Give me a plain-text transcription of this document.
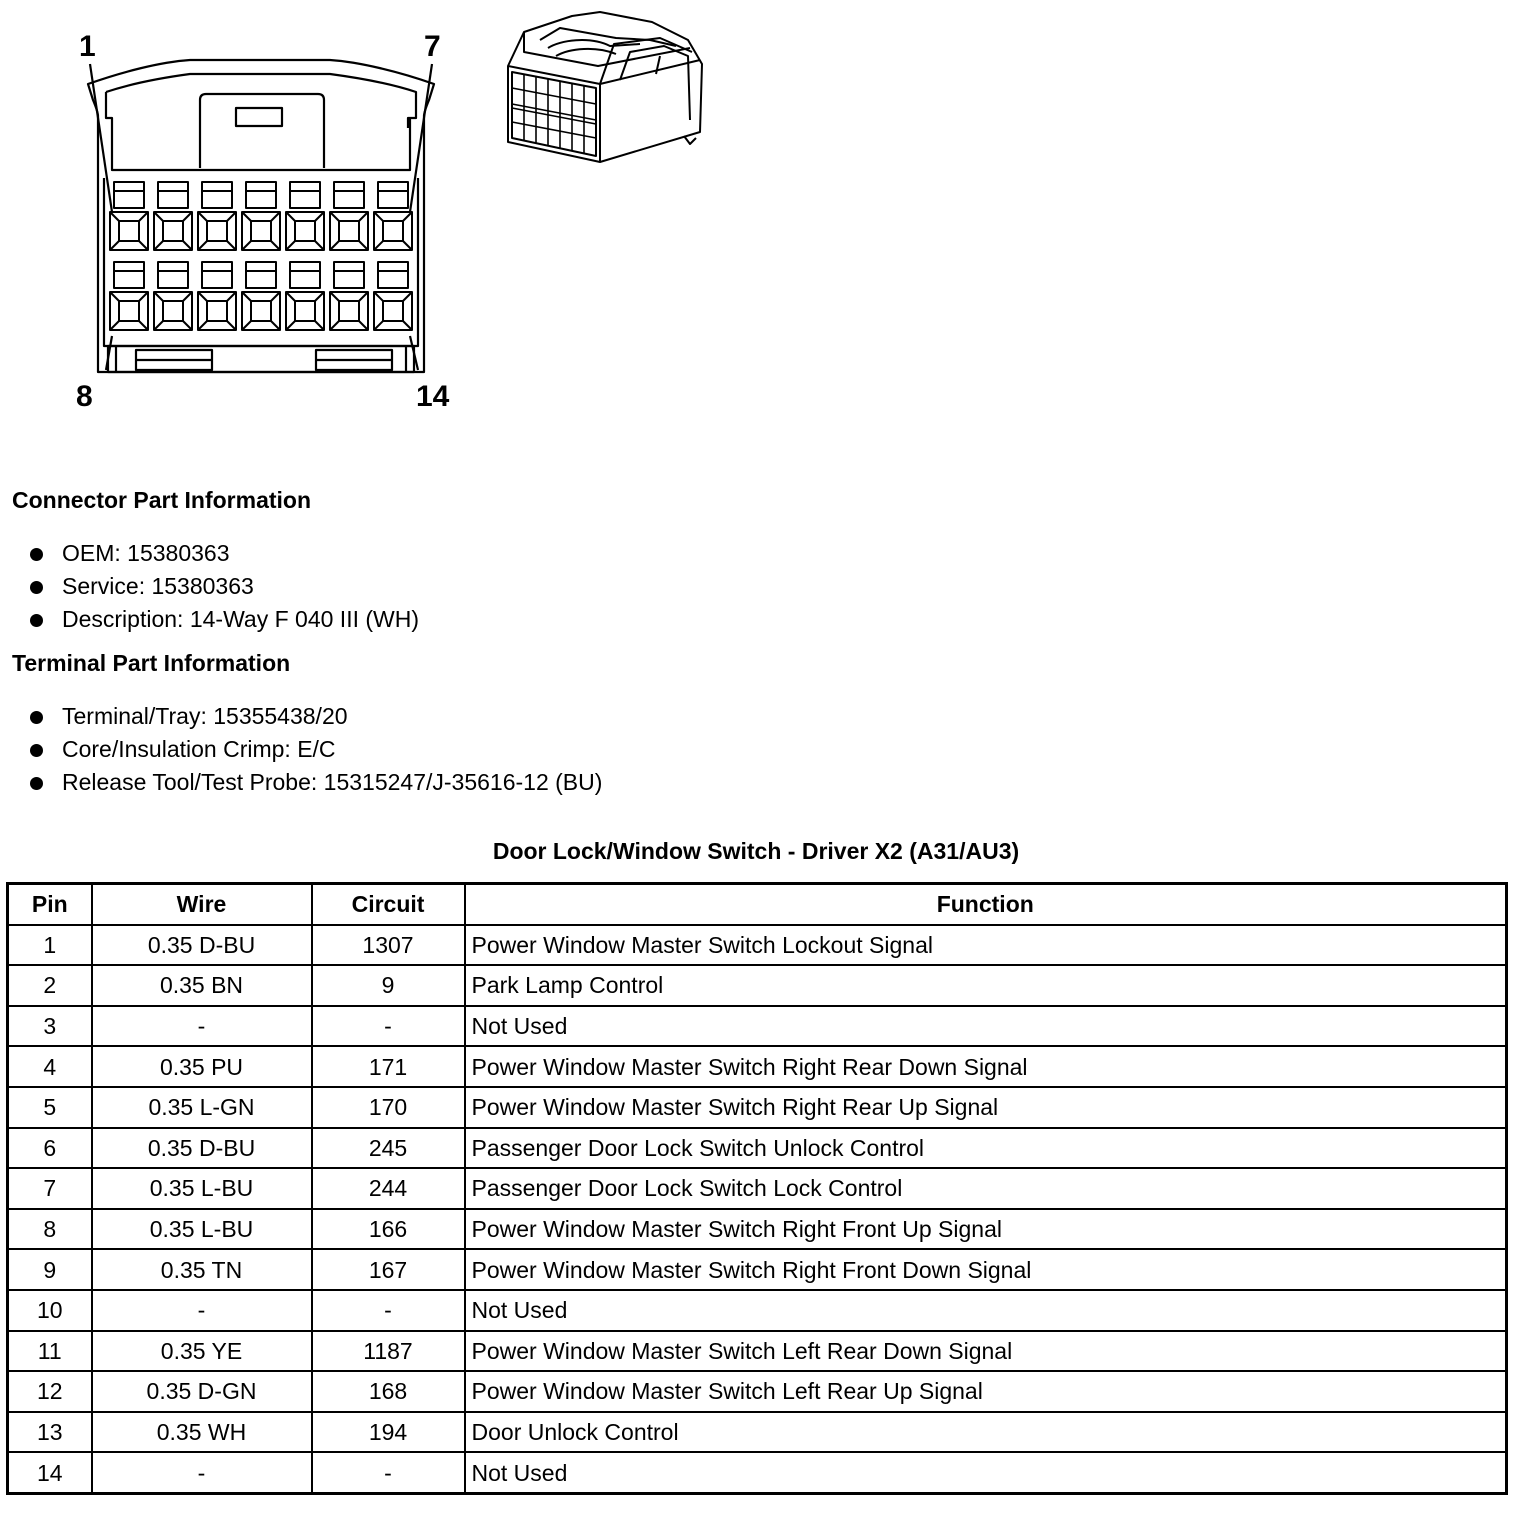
1	7
8	14
Connector Part Information
OEM: 15380363
Service: 15380363
Description: 14-Way F 040 III (WH)
Terminal Part Information
Terminal/Tray: 15355438/20
Core/Insulation Crimp: E/C
Release Tool/Test Probe: 15315247/J-35616-12 (BU)
Door Lock/Window Switch - Driver X2 (A31/AU3)
Pin	Wire	Circuit	Function
1	0.35 D-BU	1307	Power Window Master Switch Lockout Signal
2	0.35 BN	9	Park Lamp Control
3	-	-	Not Used
4	0.35 PU	171	Power Window Master Switch Right Rear Down Signal
5	0.35 L-GN	170	Power Window Master Switch Right Rear Up Signal
6	0.35 D-BU	245	Passenger Door Lock Switch Unlock Control
7	0.35 L-BU	244	Passenger Door Lock Switch Lock Control
8	0.35 L-BU	166	Power Window Master Switch Right Front Up Signal
9	0.35 TN	167	Power Window Master Switch Right Front Down Signal
10	-	-	Not Used
11	0.35 YE	1187	Power Window Master Switch Left Rear Down Signal
12	0.35 D-GN	168	Power Window Master Switch Left Rear Up Signal
13	0.35 WH	194	Door Unlock Control
14	-	-	Not Used
